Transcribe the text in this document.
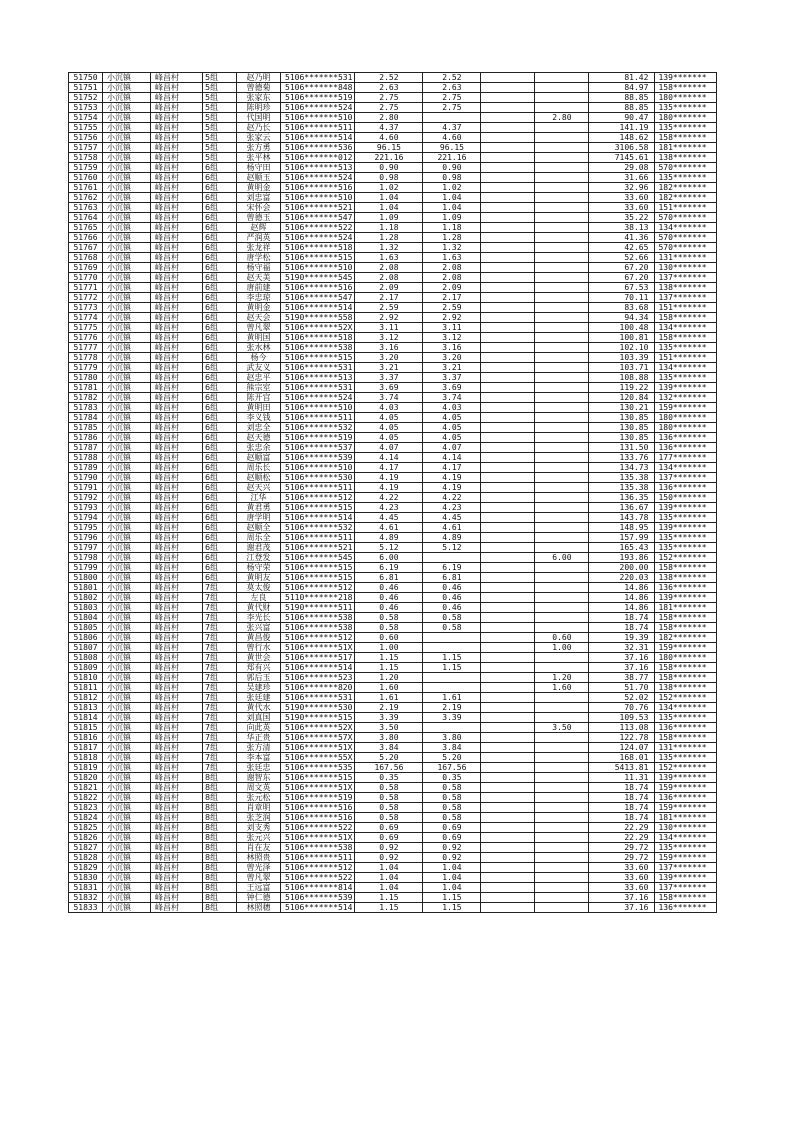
51750	小沉镇	峰昌村	5组	赵乃明	5106*******531	2.52	2.52			81.42	139*******
51751	小沉镇	峰昌村	5组	曾德菊	5106*******848	2.63	2.63			84.97	158*******
51752	小沉镇	峰昌村	5组	张家东	5106*******519	2.75	2.75			88.85	180*******
51753	小沉镇	峰昌村	5组	陈明珍	5106*******524	2.75	2.75			88.85	135*******
51754	小沉镇	峰昌村	5组	代国明	5106*******510	2.80			2.80	90.47	180*******
51755	小沉镇	峰昌村	5组	赵乃长	5106*******511	4.37	4.37			141.19	135*******
51756	小沉镇	峰昌村	5组	张家云	5106*******514	4.60	4.60			148.62	158*******
51757	小沉镇	峰昌村	5组	张方勇	5106*******536	96.15	96.15			3106.58	181*******
51758	小沉镇	峰昌村	5组	张平林	5106*******012	221.16	221.16			7145.61	138*******
51759	小沉镇	峰昌村	6组	杨守田	5106*******513	0.90	0.90			29.08	570*******
51760	小沉镇	峰昌村	6组	赵顺玉	5106*******524	0.98	0.98			31.66	135*******
51761	小沉镇	峰昌村	6组	黄明金	5106*******516	1.02	1.02			32.96	182*******
51762	小沉镇	峰昌村	6组	刘忠富	5106*******510	1.04	1.04			33.60	182*******
51763	小沉镇	峰昌村	6组	宋怀会	5106*******521	1.04	1.04			33.60	151*******
51764	小沉镇	峰昌村	6组	曾德玉	5106*******547	1.09	1.09			35.22	570*******
51765	小沉镇	峰昌村	6组	赵辉	5106*******522	1.18	1.18			38.13	134*******
51766	小沉镇	峰昌村	6组	严润英	5106*******524	1.28	1.28			41.36	570*******
51767	小沉镇	峰昌村	6组	张龙祥	5106*******518	1.32	1.32			42.65	570*******
51768	小沉镇	峰昌村	6组	唐学松	5106*******515	1.63	1.63			52.66	131*******
51769	小沉镇	峰昌村	6组	杨守福	5106*******510	2.08	2.08			67.20	130*******
51770	小沉镇	峰昌村	6组	赵天美	5190*******545	2.08	2.08			67.20	137*******
51771	小沉镇	峰昌村	6组	唐前建	5106*******516	2.09	2.09			67.53	138*******
51772	小沉镇	峰昌村	6组	李忠琼	5106*******547	2.17	2.17			70.11	137*******
51773	小沉镇	峰昌村	6组	黄明金	5106*******514	2.59	2.59			83.68	151*******
51774	小沉镇	峰昌村	6组	赵天会	5190*******558	2.92	2.92			94.34	158*******
51775	小沉镇	峰昌村	6组	曾凡翠	5106*******52X	3.11	3.11			100.48	134*******
51776	小沉镇	峰昌村	6组	黄明国	5106*******518	3.12	3.12			100.81	158*******
51777	小沉镇	峰昌村	6组	张水林	5106*******538	3.16	3.16			102.10	135*******
51778	小沉镇	峰昌村	6组	杨今	5106*******515	3.20	3.20			103.39	151*******
51779	小沉镇	峰昌村	6组	武友义	5106*******531	3.21	3.21			103.71	134*******
51780	小沉镇	峰昌村	6组	赵忠平	5106*******513	3.37	3.37			108.88	135*******
51781	小沉镇	峰昌村	6组	熊宗室	5106*******531	3.69	3.69			119.22	139*******
51782	小沉镇	峰昌村	6组	陈开宫	5106*******524	3.74	3.74			120.84	132*******
51783	小沉镇	峰昌村	6组	黄明田	5106*******510	4.03	4.03			130.21	159*******
51784	小沉镇	峰昌村	6组	李义钱	5106*******511	4.05	4.05			130.85	180*******
51785	小沉镇	峰昌村	6组	刘忠全	5106*******532	4.05	4.05			130.85	180*******
51786	小沉镇	峰昌村	6组	赵天德	5106*******519	4.05	4.05			130.85	136*******
51787	小沉镇	峰昌村	6组	张忠余	5106*******537	4.07	4.07			131.50	136*******
51788	小沉镇	峰昌村	6组	赵顺富	5106*******539	4.14	4.14			133.76	177*******
51789	小沉镇	峰昌村	6组	周乐长	5106*******510	4.17	4.17			134.73	134*******
51790	小沉镇	峰昌村	6组	赵顺松	5106*******530	4.19	4.19			135.38	137*******
51791	小沉镇	峰昌村	6组	赵天兴	5106*******511	4.19	4.19			135.38	136*******
51792	小沉镇	峰昌村	6组	江华	5106*******512	4.22	4.22			136.35	150*******
51793	小沉镇	峰昌村	6组	黄君勇	5106*******515	4.23	4.23			136.67	139*******
51794	小沉镇	峰昌村	6组	唐学明	5106*******514	4.45	4.45			143.78	135*******
51795	小沉镇	峰昌村	6组	赵顺全	5106*******532	4.61	4.61			148.95	139*******
51796	小沉镇	峰昌村	6组	周乐全	5106*******511	4.89	4.89			157.99	135*******
51797	小沉镇	峰昌村	6组	谢君茂	5106*******521	5.12	5.12			165.43	135*******
51798	小沉镇	峰昌村	6组	江登发	5106*******545	6.00			6.00	193.86	152*******
51799	小沉镇	峰昌村	6组	杨守荣	5106*******515	6.19	6.19			200.00	158*******
51800	小沉镇	峰昌村	6组	黄明友	5106*******515	6.81	6.81			220.03	138*******
51801	小沉镇	峰昌村	7组	莫太俊	5106*******512	0.46	0.46			14.86	136*******
51802	小沉镇	峰昌村	7组	左良	5110*******218	0.46	0.46			14.86	139*******
51803	小沉镇	峰昌村	7组	黄代财	5190*******511	0.46	0.46			14.86	181*******
51804	小沉镇	峰昌村	7组	李光长	5106*******538	0.58	0.58			18.74	158*******
51805	小沉镇	峰昌村	7组	张兴富	5106*******538	0.58	0.58			18.74	158*******
51806	小沉镇	峰昌村	7组	黄昌俊	5106*******512	0.60			0.60	19.39	182*******
51807	小沉镇	峰昌村	7组	曾行水	5106*******51X	1.00			1.00	32.31	159*******
51808	小沉镇	峰昌村	7组	黄世会	5106*******517	1.15	1.15			37.16	180*******
51809	小沉镇	峰昌村	7组	郑有兴	5106*******514	1.15	1.15			37.16	158*******
51810	小沉镇	峰昌村	7组	郭后玉	5106*******523	1.20			1.20	38.77	158*******
51811	小沉镇	峰昌村	7组	吴建珍	5106*******820	1.60			1.60	51.70	138*******
51812	小沉镇	峰昌村	7组	张廷建	5106*******531	1.61	1.61			52.02	152*******
51813	小沉镇	峰昌村	7组	黄代水	5190*******530	2.19	2.19			70.76	134*******
51814	小沉镇	峰昌村	7组	刘真国	5190*******515	3.39	3.39			109.53	135*******
51815	小沉镇	峰昌村	7组	向此英	5106*******52X	3.50			3.50	113.08	136*******
51816	小沉镇	峰昌村	7组	华正贵	5106*******57X	3.80	3.80			122.78	158*******
51817	小沉镇	峰昌村	7组	张方清	5106*******51X	3.84	3.84			124.07	131*******
51818	小沉镇	峰昌村	7组	李本富	5106*******55X	5.20	5.20			168.01	135*******
51819	小沉镇	峰昌村	7组	张廷忠	5106*******535	167.56	167.56			5413.81	152*******
51820	小沉镇	峰昌村	8组	谢智东	5106*******515	0.35	0.35			11.31	139*******
51821	小沉镇	峰昌村	8组	周文英	5106*******51X	0.58	0.58			18.74	159*******
51822	小沉镇	峰昌村	8组	张元松	5106*******519	0.58	0.58			18.74	136*******
51823	小沉镇	峰昌村	8组	肖章明	5106*******516	0.58	0.58			18.74	159*******
51824	小沉镇	峰昌村	8组	张芝润	5106*******516	0.58	0.58			18.74	181*******
51825	小沉镇	峰昌村	8组	刘支秀	5106*******522	0.69	0.69			22.29	130*******
51826	小沉镇	峰昌村	8组	张元兴	5106*******51X	0.69	0.69			22.29	134*******
51827	小沉镇	峰昌村	8组	肖在友	5106*******538	0.92	0.92			29.72	135*******
51828	小沉镇	峰昌村	8组	林照贵	5106*******511	0.92	0.92			29.72	159*******
51829	小沉镇	峰昌村	8组	曾光泽	5106*******512	1.04	1.04			33.60	137*******
51830	小沉镇	峰昌村	8组	曾凡翠	5106*******522	1.04	1.04			33.60	139*******
51831	小沉镇	峰昌村	8组	王远富	5106*******814	1.04	1.04			33.60	137*******
51832	小沉镇	峰昌村	8组	钟仁德	5106*******539	1.15	1.15			37.16	158*******
51833	小沉镇	峰昌村	8组	林照穗	5106*******514	1.15	1.15			37.16	136*******
